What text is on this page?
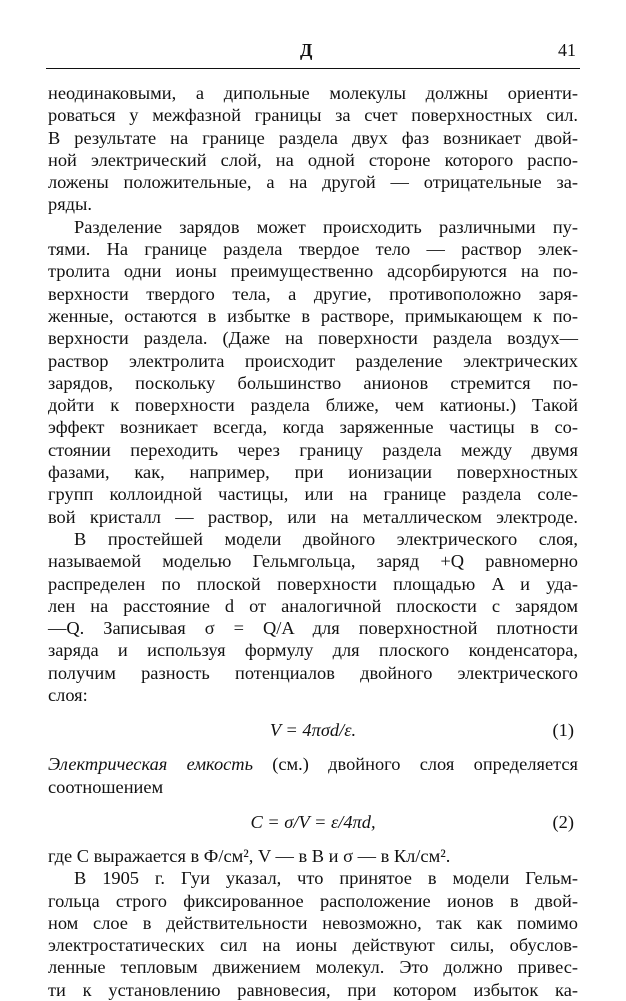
Д	41

неодинаковыми, а дипольные молекулы должны ориенти-
роваться у межфазной границы за счет поверхностных сил.
В результате на границе раздела двух фаз возникает двой-
ной электрический слой, на одной стороне которого распо-
ложены положительные, а на другой — отрицательные за-
ряды.

Разделение зарядов может происходить различными пу-
тями. На границе раздела твердое тело — раствор элек-
тролита одни ионы преимущественно адсорбируются на по-
верхности твердого тела, а другие, противоположно заря-
женные, остаются в избытке в растворе, примыкающем к по-
верхности раздела. (Даже на поверхности раздела воздух—
раствор электролита происходит разделение электрических
зарядов, поскольку большинство анионов стремится по-
дойти к поверхности раздела ближе, чем катионы.) Такой
эффект возникает всегда, когда заряженные частицы в со-
стоянии переходить через границу раздела между двумя
фазами, как, например, при ионизации поверхностных
групп коллоидной частицы, или на границе раздела соле-
вой кристалл — раствор, или на металлическом электроде.

В простейшей модели двойного электрического слоя,
называемой моделью Гельмгольца, заряд +Q равномерно
распределен по плоской поверхности площадью A и уда-
лен на расстояние d от аналогичной плоскости с зарядом
—Q. Записывая σ = Q/A для поверхностной плотности
заряда и используя формулу для плоского конденсатора,
получим разность потенциалов двойного электрического
слоя:

V = 4πσd/ε.	(1)

Электрическая емкость (см.) двойного слоя определяется
соотношением

C = σ/V = ε/4πd,	(2)

где C выражается в Ф/см², V — в В и σ — в Кл/см².

В 1905 г. Гуи указал, что принятое в модели Гельм-
гольца строго фиксированное расположение ионов в двой-
ном слое в действительности невозможно, так как помимо
электростатических сил на ионы действуют силы, обуслов-
ленные тепловым движением молекул. Это должно привес-
ти к установлению равновесия, при котором избыток ка-
